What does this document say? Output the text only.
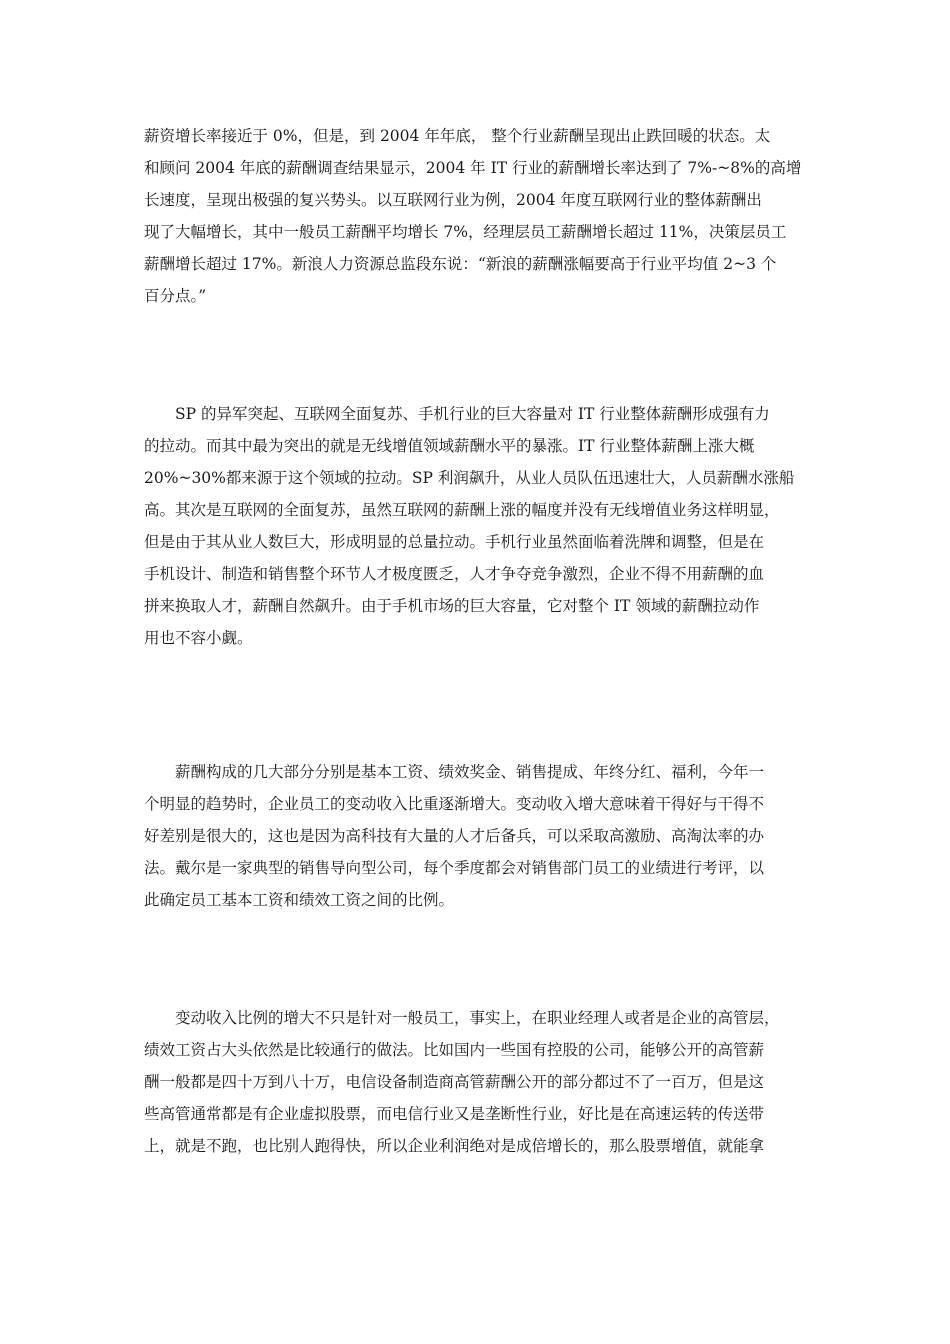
薪资增长率接近于 0%，但是，到 2004 年年底， 整个行业薪酬呈现出止跌回暖的状态。太
和顾问 2004 年底的薪酬调查结果显示，2004 年 IT 行业的薪酬增长率达到了 7%-~8%的高增
长速度，呈现出极强的复兴势头。以互联网行业为例，2004 年度互联网行业的整体薪酬出
现了大幅增长，其中一般员工薪酬平均增长 7%，经理层员工薪酬增长超过 11%，决策层员工
薪酬增长超过 17%。新浪人力资源总监段东说：“新浪的薪酬涨幅要高于行业平均值 2~3 个
百分点。”
SP 的异军突起、互联网全面复苏、手机行业的巨大容量对 IT 行业整体薪酬形成强有力
的拉动。而其中最为突出的就是无线增值领域薪酬水平的暴涨。IT 行业整体薪酬上涨大概
20%~30%都来源于这个领域的拉动。SP 利润飙升，从业人员队伍迅速壮大，人员薪酬水涨船
高。其次是互联网的全面复苏，虽然互联网的薪酬上涨的幅度并没有无线增值业务这样明显，
但是由于其从业人数巨大，形成明显的总量拉动。手机行业虽然面临着洗牌和调整，但是在
手机设计、制造和销售整个环节人才极度匮乏，人才争夺竞争激烈，企业不得不用薪酬的血
拼来换取人才，薪酬自然飙升。由于手机市场的巨大容量，它对整个 IT 领域的薪酬拉动作
用也不容小觑。
薪酬构成的几大部分分别是基本工资、绩效奖金、销售提成、年终分红、福利，今年一
个明显的趋势时，企业员工的变动收入比重逐渐增大。变动收入增大意味着干得好与干得不
好差别是很大的，这也是因为高科技有大量的人才后备兵，可以采取高激励、高淘汰率的办
法。戴尔是一家典型的销售导向型公司，每个季度都会对销售部门员工的业绩进行考评，以
此确定员工基本工资和绩效工资之间的比例。
变动收入比例的增大不只是针对一般员工，事实上，在职业经理人或者是企业的高管层，
绩效工资占大头依然是比较通行的做法。比如国内一些国有控股的公司，能够公开的高管薪
酬一般都是四十万到八十万，电信设备制造商高管薪酬公开的部分都过不了一百万，但是这
些高管通常都是有企业虚拟股票，而电信行业又是垄断性行业，好比是在高速运转的传送带
上，就是不跑，也比别人跑得快，所以企业利润绝对是成倍增长的，那么股票增值，就能拿
